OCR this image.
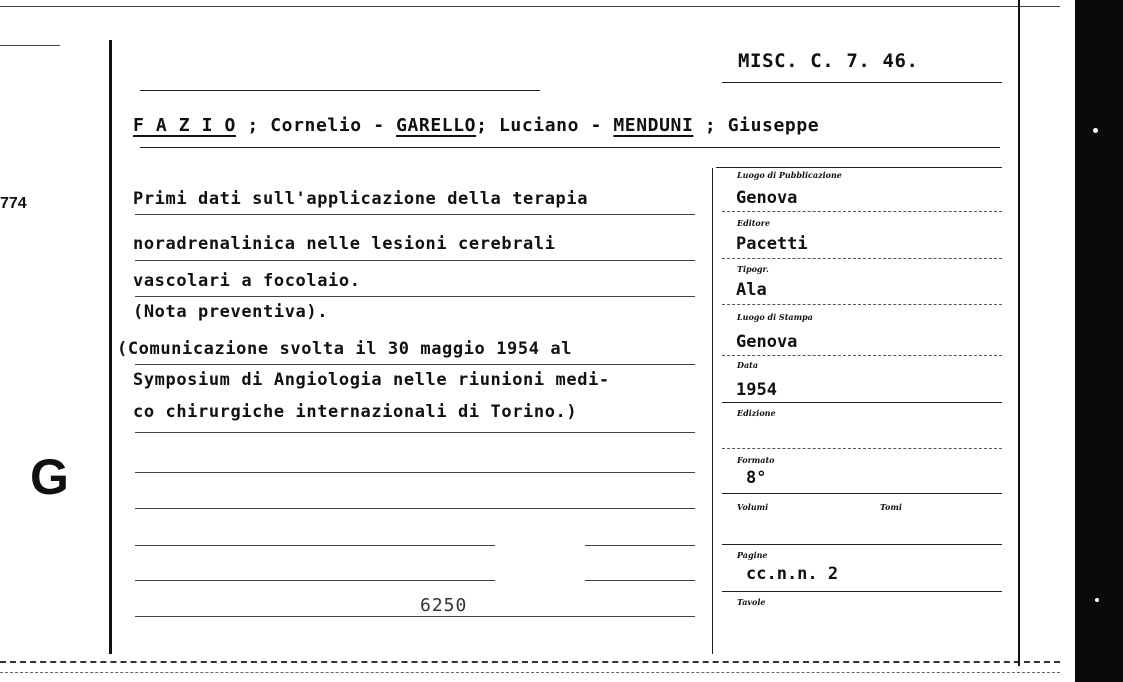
774
G
MISC. C. 7. 46.
F A Z I O ; Cornelio - GARELLO; Luciano - MENDUNI ; Giuseppe
Primi dati sull'applicazione della terapia
noradrenalinica nelle lesioni cerebrali
vascolari a focolaio.
(Nota preventiva).
(Comunicazione svolta il 30 maggio 1954 al
Symposium di Angiologia nelle riunioni medi-
co chirurgiche internazionali di Torino.)
6250
Luogo di Pubblicazione
Genova
Editore
Pacetti
Tipogr.
Ala
Luogo di Stampa
Genova
Data
1954
Edizione
Formato
8°
Volumi	Tomi
Pagine
cc.n.n. 2
Tavole
